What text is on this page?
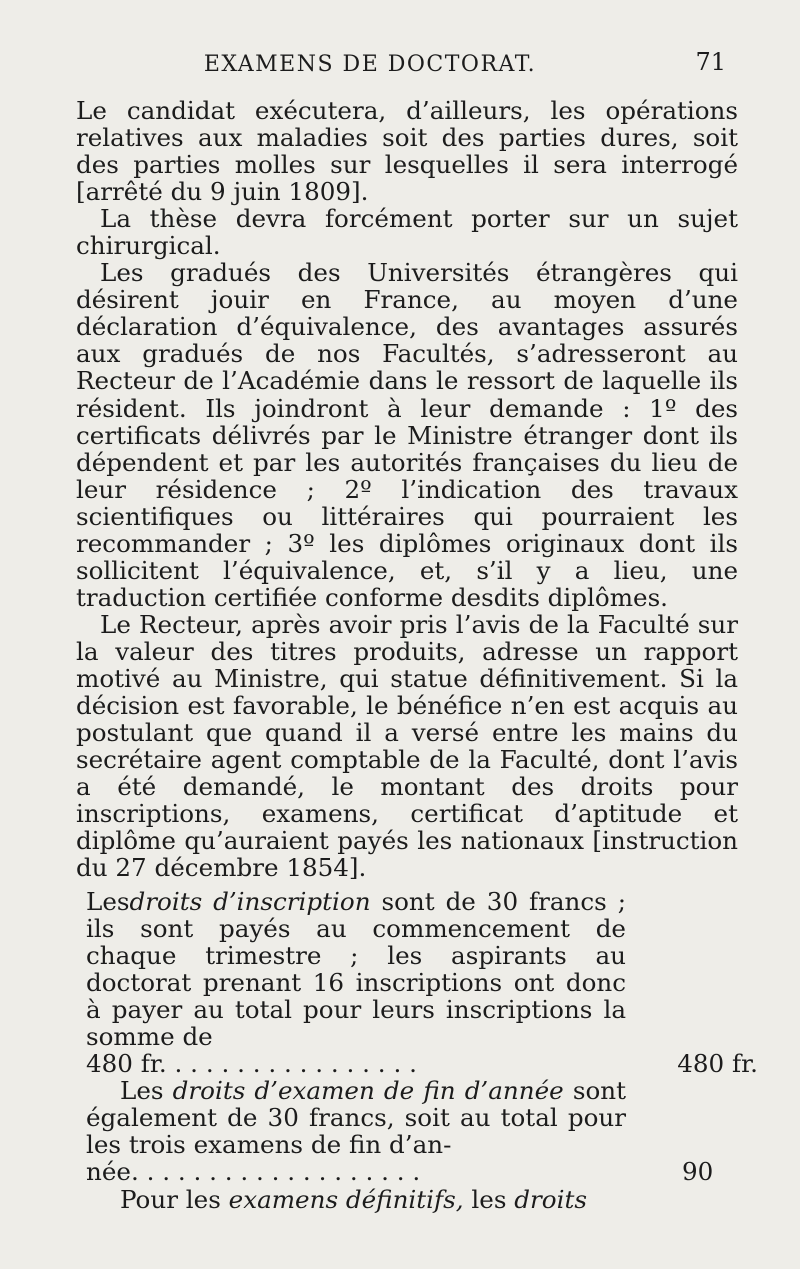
EXAMENS DE DOCTORAT.	71

Le candidat exécutera, d’ailleurs, les opérations relatives aux maladies soit des parties dures, soit des parties molles sur lesquelles il sera interrogé [arrêté du 9 juin 1809].

La thèse devra forcément porter sur un sujet chirurgical.

Les gradués des Universités étrangères qui désirent jouir en France, au moyen d’une déclaration d’équivalence, des avantages assurés aux gradués de nos Facultés, s’adresseront au Recteur de l’Académie dans le ressort de laquelle ils résident. Ils joindront à leur demande : 1º des certificats délivrés par le Ministre étranger dont ils dépendent et par les autorités françaises du lieu de leur résidence ; 2º l’indication des travaux scientifiques ou littéraires qui pourraient les recommander ; 3º les diplômes originaux dont ils sollicitent l’équivalence, et, s’il y a lieu, une traduction certifiée conforme desdits diplômes.

Le Recteur, après avoir pris l’avis de la Faculté sur la valeur des titres produits, adresse un rapport motivé au Ministre, qui statue définitivement. Si la décision est favorable, le bénéfice n’en est acquis au postulant que quand il a versé entre les mains du secrétaire agent comptable de la Faculté, dont l’avis a été demandé, le montant des droits pour inscriptions, examens, certificat d’aptitude et diplôme qu’auraient payés les nationaux [instruction du 27 décembre 1854].

Lesdroits d’inscription sont de 30 francs ; ils sont payés au commencement de chaque trimestre ; les aspirants au doctorat prenant 16 inscriptions ont donc à payer au total pour leurs inscriptions la somme de

480 fr. . . . . . . . . . . . . . . . .	480 fr.

Les droits d’examen de fin d’année sont également de 30 francs, soit au total pour les trois examens de fin d’an-

née. . . . . . . . . . . . . . . . . . .	90

Pour les examens définitifs, les droits
